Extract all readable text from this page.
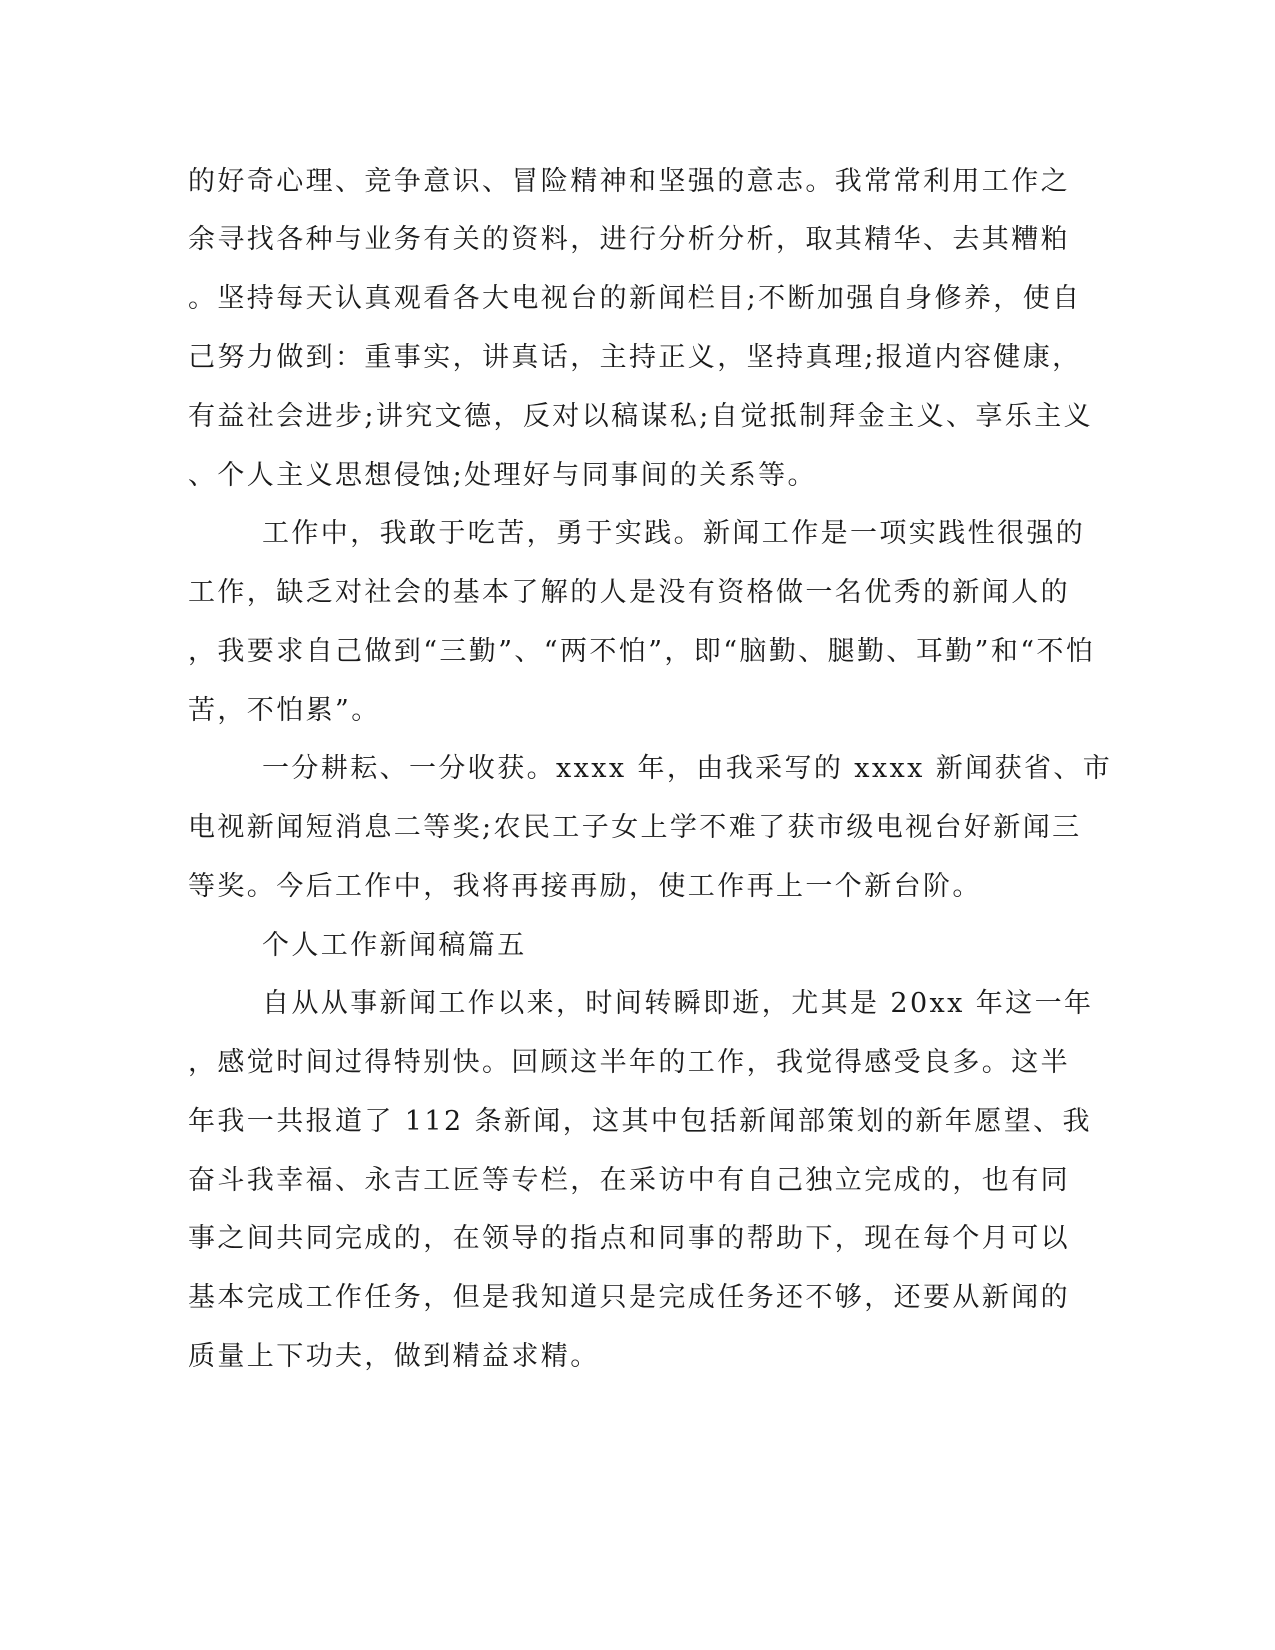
的好奇心理、竞争意识、冒险精神和坚强的意志。我常常利用工作之
余寻找各种与业务有关的资料，进行分析分析，取其精华、去其糟粕
。坚持每天认真观看各大电视台的新闻栏目;不断加强自身修养，使自
己努力做到：重事实，讲真话，主持正义，坚持真理;报道内容健康，
有益社会进步;讲究文德，反对以稿谋私;自觉抵制拜金主义、享乐主义
、个人主义思想侵蚀;处理好与同事间的关系等。
工作中，我敢于吃苦，勇于实践。新闻工作是一项实践性很强的
工作，缺乏对社会的基本了解的人是没有资格做一名优秀的新闻人的
，我要求自己做到“三勤”、“两不怕”，即“脑勤、腿勤、耳勤”和“不怕
苦，不怕累”。
一分耕耘、一分收获。xxxx 年，由我采写的 xxxx 新闻获省、市
电视新闻短消息二等奖;农民工子女上学不难了获市级电视台好新闻三
等奖。今后工作中，我将再接再励，使工作再上一个新台阶。
个人工作新闻稿篇五
自从从事新闻工作以来，时间转瞬即逝，尤其是 20xx 年这一年
，感觉时间过得特别快。回顾这半年的工作，我觉得感受良多。这半
年我一共报道了 112 条新闻，这其中包括新闻部策划的新年愿望、我
奋斗我幸福、永吉工匠等专栏，在采访中有自己独立完成的，也有同
事之间共同完成的，在领导的指点和同事的帮助下，现在每个月可以
基本完成工作任务，但是我知道只是完成任务还不够，还要从新闻的
质量上下功夫，做到精益求精。
